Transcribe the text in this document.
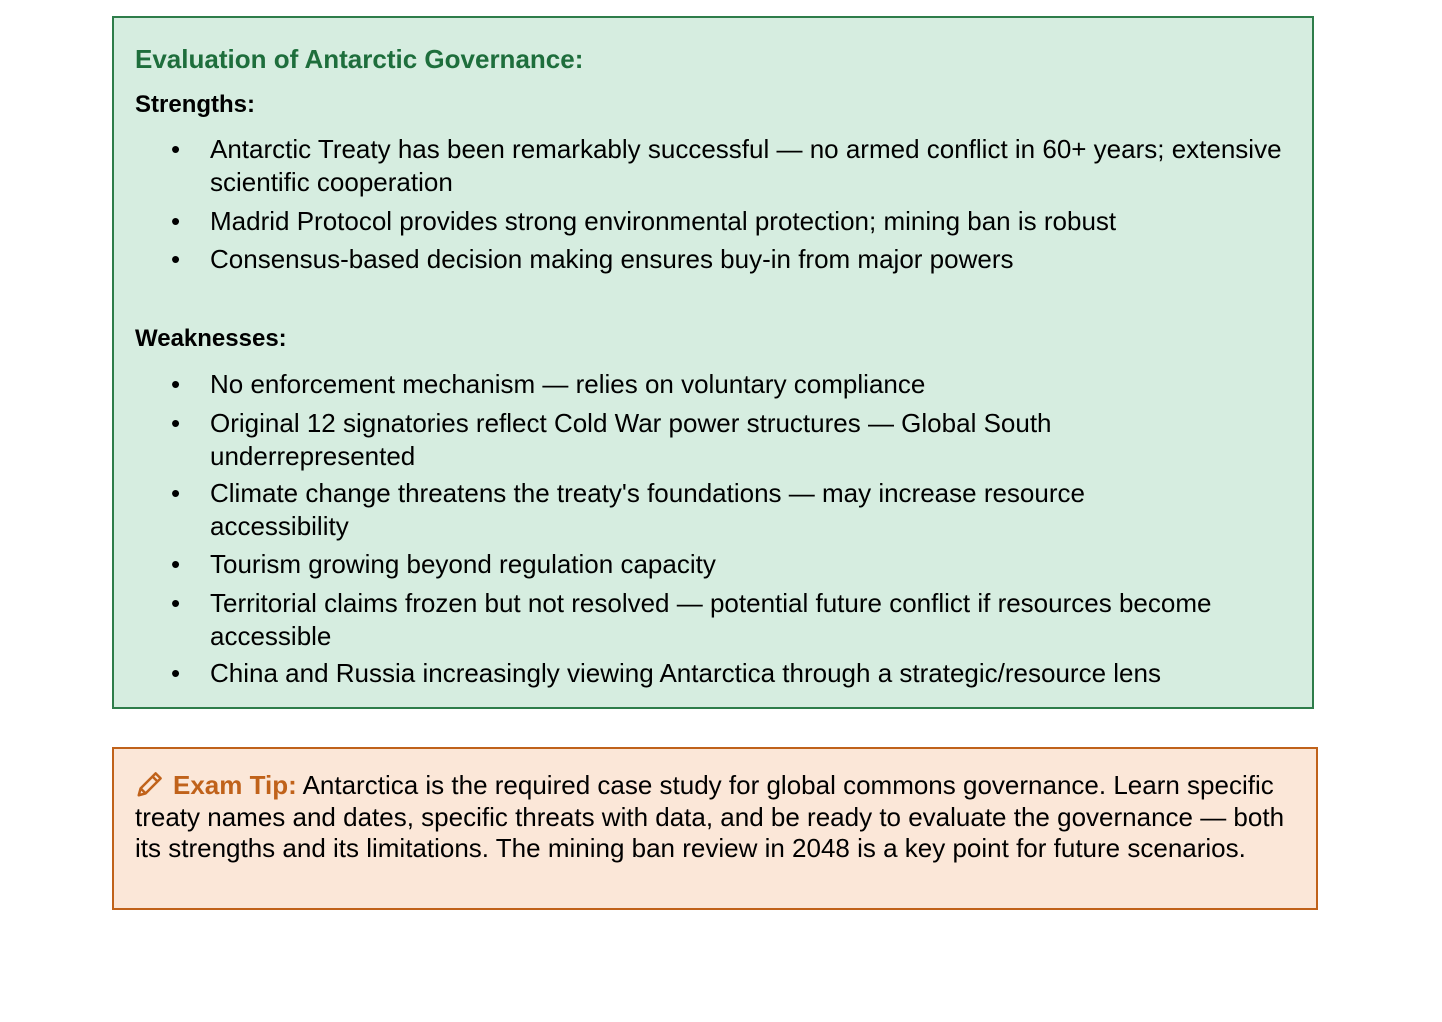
Evaluation of Antarctic Governance:
Strengths:
• Antarctic Treaty has been remarkably successful — no armed conflict in 60+ years; extensive scientific cooperation
• Madrid Protocol provides strong environmental protection; mining ban is robust
• Consensus-based decision making ensures buy-in from major powers
Weaknesses:
• No enforcement mechanism — relies on voluntary compliance
• Original 12 signatories reflect Cold War power structures — Global South underrepresented
• Climate change threatens the treaty's foundations — may increase resource accessibility
• Tourism growing beyond regulation capacity
• Territorial claims frozen but not resolved — potential future conflict if resources become accessible
• China and Russia increasingly viewing Antarctica through a strategic/resource lens

Exam Tip: Antarctica is the required case study for global commons governance. Learn specific treaty names and dates, specific threats with data, and be ready to evaluate the governance — both its strengths and its limitations. The mining ban review in 2048 is a key point for future scenarios.
